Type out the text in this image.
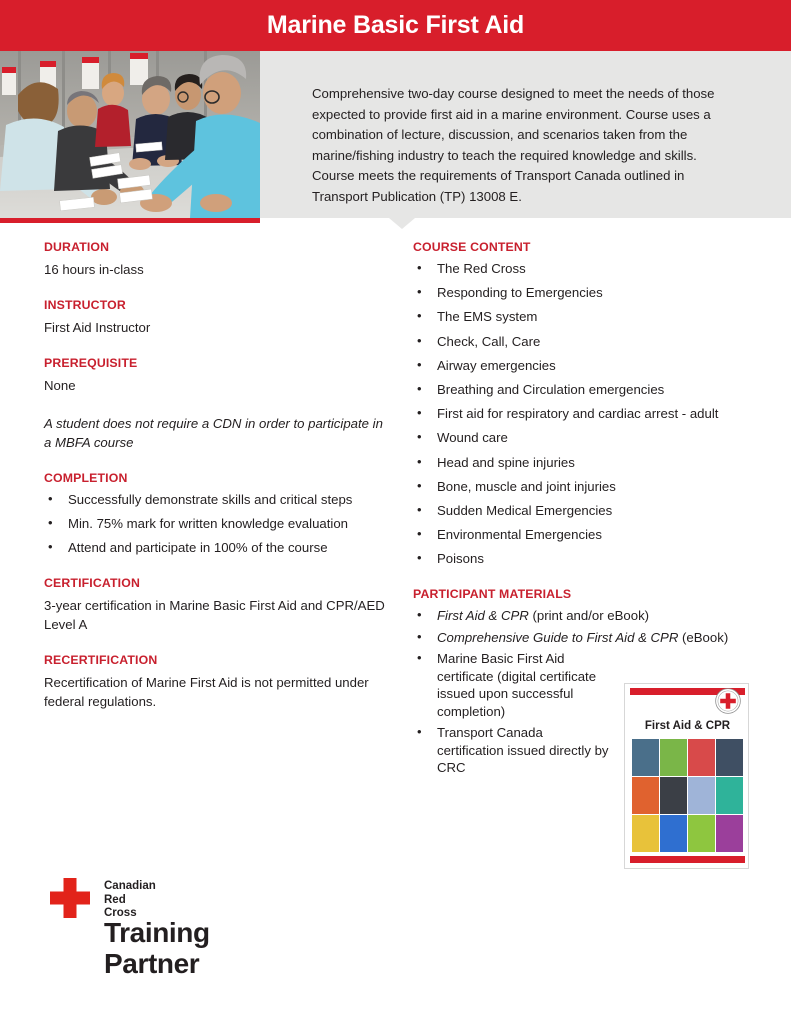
Marine Basic First Aid
Comprehensive two-day course designed to meet the needs of those expected to provide first aid in a marine environment. Course uses a combination of lecture, discussion, and scenarios taken from the marine/fishing industry to teach the required knowledge and skills. Course meets the requirements of Transport Canada outlined in Transport Publication (TP) 13008 E.
DURATION
16 hours in-class
INSTRUCTOR
First Aid Instructor
PREREQUISITE
None
A student does not require a CDN in order to participate in a MBFA course
COMPLETION
• Successfully demonstrate skills and critical steps
• Min. 75% mark for written knowledge evaluation
• Attend and participate in 100% of the course
CERTIFICATION
3-year certification in Marine Basic First Aid and CPR/AED Level A
RECERTIFICATION
Recertification of Marine First Aid is not permitted under federal regulations.
COURSE CONTENT
• The Red Cross
• Responding to Emergencies
• The EMS system
• Check, Call, Care
• Airway emergencies
• Breathing and Circulation emergencies
• First aid for respiratory and cardiac arrest - adult
• Wound care
• Head and spine injuries
• Bone, muscle and joint injuries
• Sudden Medical Emergencies
• Environmental Emergencies
• Poisons
PARTICIPANT MATERIALS
• First Aid & CPR (print and/or eBook)
• Comprehensive Guide to First Aid & CPR (eBook)
• Marine Basic First Aid certificate (digital certificate issued upon successful completion)
• Transport Canada certification issued directly by CRC
First Aid & CPR
Canadian
Red Cross
Training
Partner
